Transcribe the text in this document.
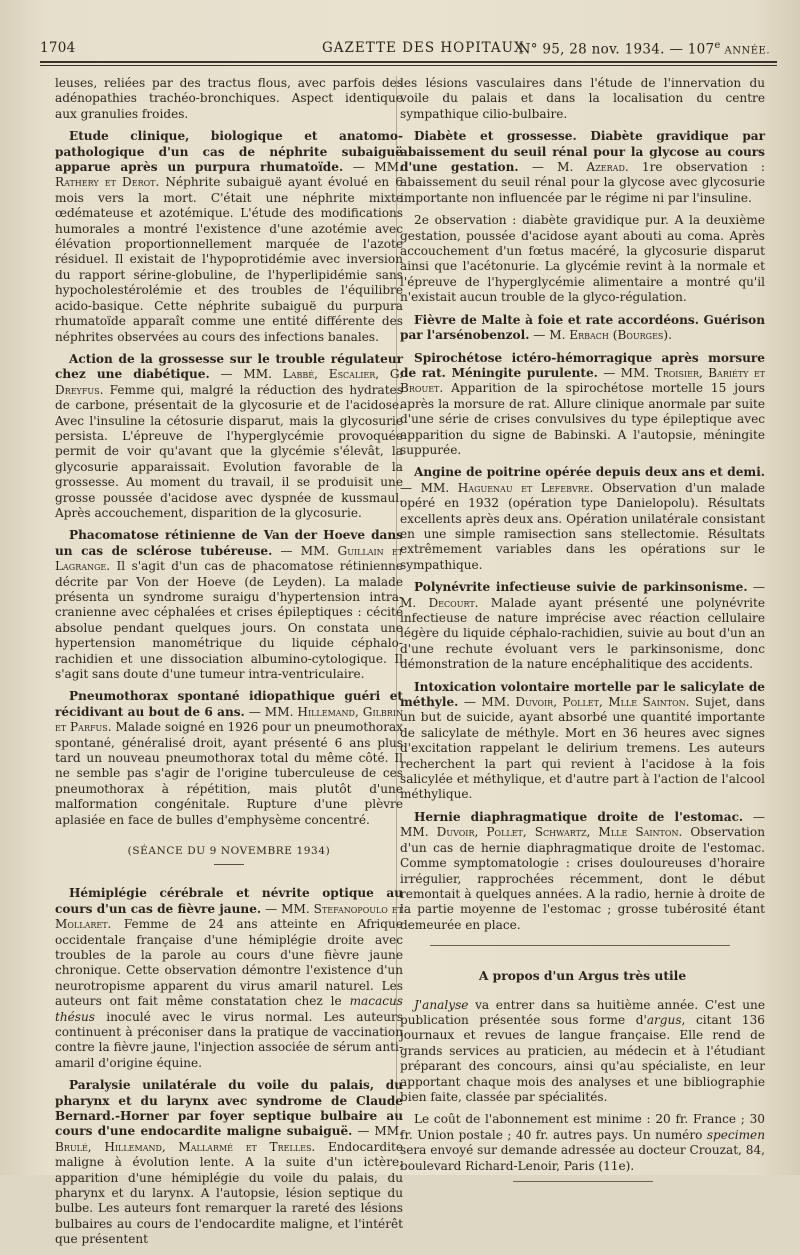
1704	GAZETTE DES HOPITAUX
N° 95, 28 nov. 1934. — 107e ANNÉE.

leuses, reliées par des tractus flous, avec parfois des adénopathies trachéo-bronchiques. Aspect identique aux granulies froides.

Etude clinique, biologique et anatomo-pathologique d'un cas de néphrite subaiguë apparue après un purpura rhumatoïde. — MM. Rathery et Derot. Néphrite subaiguë ayant évolué en 6 mois vers la mort. C'était une néphrite mixte œdémateuse et azotémique. L'étude des modifications humorales a montré l'existence d'une azotémie avec élévation proportionnellement marquée de l'azote résiduel. Il existait de l'hypoprotidémie avec inversion du rapport sérine-globuline, de l'hyperlipidémie sans hypocholestérolémie et des troubles de l'équilibre acido-basique. Cette néphrite subaiguë du purpura rhumatoïde apparaît comme une entité différente des néphrites observées au cours des infections banales.

Action de la grossesse sur le trouble régulateur chez une diabétique. — MM. Labbé, Escalier, G. Dreyfus. Femme qui, malgré la réduction des hydrates de carbone, présentait de la glycosurie et de l'acidose. Avec l'insuline la cétosurie disparut, mais la glycosurie persista. L'épreuve de l'hyperglycémie provoquée permit de voir qu'avant que la glycémie s'élevât, la glycosurie apparaissait. Evolution favorable de la grossesse. Au moment du travail, il se produisit une grosse poussée d'acidose avec dyspnée de kussmaul. Après accouchement, disparition de la glycosurie.

Phacomatose rétinienne de Van der Hoeve dans un cas de sclérose tubéreuse. — MM. Guillain et Lagrange. Il s'agit d'un cas de phacomatose rétinienne décrite par Von der Hoeve (de Leyden). La malade présenta un syndrome suraigu d'hypertension intra-cranienne avec céphalées et crises épileptiques : cécité absolue pendant quelques jours. On constata une hypertension manométrique du liquide céphalo-rachidien et une dissociation albumino-cytologique. Il s'agit sans doute d'une tumeur intra-ventriculaire.

Pneumothorax spontané idiopathique guéri et récidivant au bout de 6 ans. — MM. Hillemand, Gilbrin et Parfus. Malade soigné en 1926 pour un pneumothorax spontané, généralisé droit, ayant présenté 6 ans plus tard un nouveau pneumothorax total du même côté. Il ne semble pas s'agir de l'origine tuberculeuse de ces pneumothorax à répétition, mais plutôt d'une malformation congénitale. Rupture d'une plèvre aplasiée en face de bulles d'emphysème concentré.

(SÉANCE DU 9 NOVEMBRE 1934)

Hémiplégie cérébrale et névrite optique au cours d'un cas de fièvre jaune. — MM. Stefanopoulo et Mollaret. Femme de 24 ans atteinte en Afrique occidentale française d'une hémiplégie droite avec troubles de la parole au cours d'une fièvre jaune chronique. Cette observation démontre l'existence d'un neurotropisme apparent du virus amaril naturel. Les auteurs ont fait même constatation chez le macacus thésus inoculé avec le virus normal. Les auteurs continuent à préconiser dans la pratique de vaccination contre la fièvre jaune, l'injection associée de sérum anti-amaril d'origine équine.

Paralysie unilatérale du voile du palais, du pharynx et du larynx avec syndrome de Claude Bernard.-Horner par foyer septique bulbaire au cours d'une endocardite maligne subaiguë. — MM. Brulé, Hillemand, Mallarmé et Trelles. Endocardite maligne à évolution lente. A la suite d'un ictère, apparition d'une hémiplégie du voile du palais, du pharynx et du larynx. A l'autopsie, lésion septique du bulbe. Les auteurs font remarquer la rareté des lésions bulbaires au cours de l'endocardite maligne, et l'intérêt que présentent

les lésions vasculaires dans l'étude de l'innervation du voile du palais et dans la localisation du centre sympathique cilio-bulbaire.

Diabète et grossesse. Diabète gravidique par abaissement du seuil rénal pour la glycose au cours d'une gestation. — M. Azerad. 1re observation : abaissement du seuil rénal pour la glycose avec glycosurie importante non influencée par le régime ni par l'insuline.

2e observation : diabète gravidique pur. A la deuxième gestation, poussée d'acidose ayant abouti au coma. Après accouchement d'un fœtus macéré, la glycosurie disparut ainsi que l'acétonurie. La glycémie revint à la normale et l'épreuve de l'hyperglycémie alimentaire a montré qu'il n'existait aucun trouble de la glyco-régulation.

Fièvre de Malte à foie et rate accordéons. Guérison par l'arsénobenzol. — M. Erbach (Bourges).

Spirochétose ictéro-hémorragique après morsure de rat. Méningite purulente. — MM. Troisier, Bariéty et Brouet. Apparition de la spirochétose mortelle 15 jours après la morsure de rat. Allure clinique anormale par suite d'une série de crises convulsives du type épileptique avec apparition du signe de Babinski. A l'autopsie, méningite suppurée.

Angine de poitrine opérée depuis deux ans et demi. — MM. Haguenau et Lefebvre. Observation d'un malade opéré en 1932 (opération type Danielopolu). Résultats excellents après deux ans. Opération unilatérale consistant en une simple ramisection sans stellectomie. Résultats extrêmement variables dans les opérations sur le sympathique.

Polynévrite infectieuse suivie de parkinsonisme. — M. Decourt. Malade ayant présenté une polynévrite infectieuse de nature imprécise avec réaction cellulaire légère du liquide céphalo-rachidien, suivie au bout d'un an d'une rechute évoluant vers le parkinsonisme, donc démonstration de la nature encéphalitique des accidents.

Intoxication volontaire mortelle par le salicylate de méthyle. — MM. Duvoir, Pollet, Mlle Sainton. Sujet, dans un but de suicide, ayant absorbé une quantité importante de salicylate de méthyle. Mort en 36 heures avec signes d'excitation rappelant le delirium tremens. Les auteurs recherchent la part qui revient à l'acidose à la fois salicylée et méthylique, et d'autre part à l'action de l'alcool méthylique.

Hernie diaphragmatique droite de l'estomac. — MM. Duvoir, Pollet, Schwartz, Mlle Sainton. Observation d'un cas de hernie diaphragmatique droite de l'estomac. Comme symptomatologie : crises douloureuses d'horaire irrégulier, rapprochées récemment, dont le début remontait à quelques années. A la radio, hernie à droite de la partie moyenne de l'estomac ; grosse tubérosité étant demeurée en place.

A propos d'un Argus très utile

J'analyse va entrer dans sa huitième année. C'est une publication présentée sous forme d'argus, citant 136 journaux et revues de langue française. Elle rend de grands services au praticien, au médecin et à l'étudiant préparant des concours, ainsi qu'au spécialiste, en leur apportant chaque mois des analyses et une bibliographie bien faite, classée par spécialités.

Le coût de l'abonnement est minime : 20 fr. France ; 30 fr. Union postale ; 40 fr. autres pays. Un numéro specimen sera envoyé sur demande adressée au docteur Crouzat, 84, boulevard Richard-Lenoir, Paris (11e).
